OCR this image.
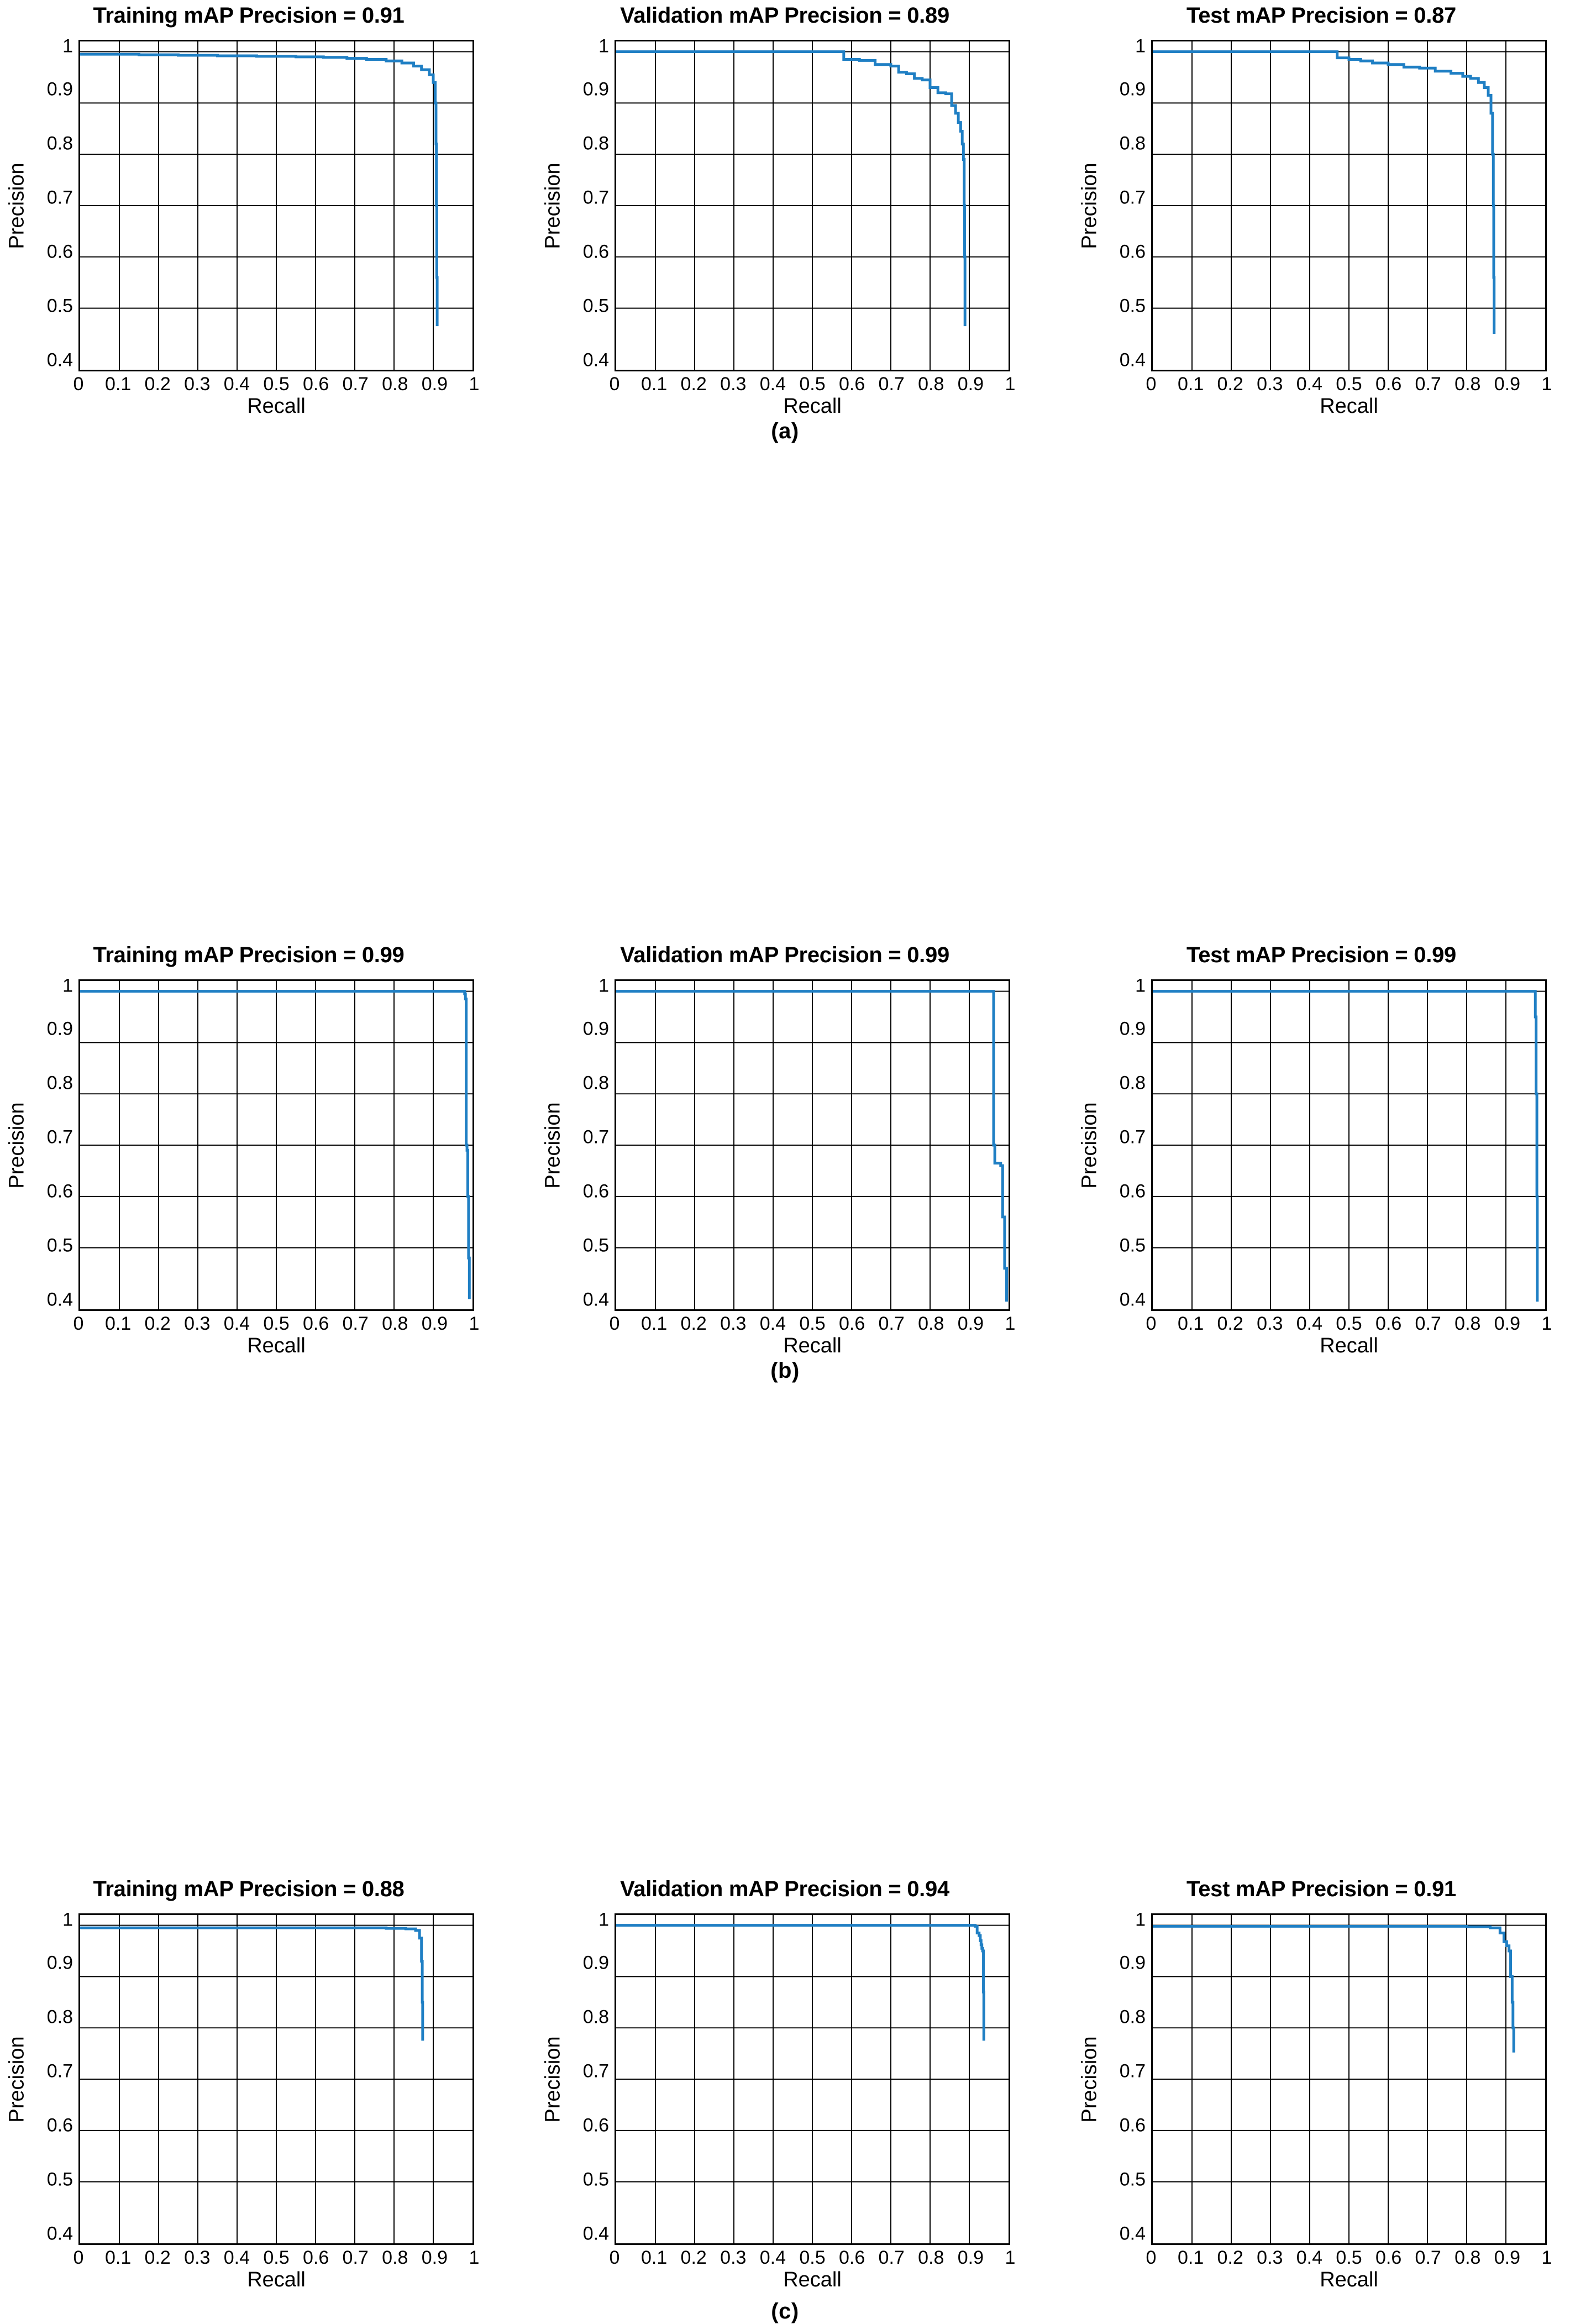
Training mAP Precision = 0.91
Precision
0.4
0.5
0.6
0.7
0.8
0.9
1
0 0.1 0.2 0.3 0.4 0.5 0.6 0.7 0.8 0.9 1
Recall
Validation mAP Precision = 0.89
Precision
0.4
0.5
0.6
0.7
0.8
0.9
1
0 0.1 0.2 0.3 0.4 0.5 0.6 0.7 0.8 0.9 1
Recall
Test mAP Precision = 0.87
Precision
0.4
0.5
0.6
0.7
0.8
0.9
1
0 0.1 0.2 0.3 0.4 0.5 0.6 0.7 0.8 0.9 1
Recall
(a)
Training mAP Precision = 0.99
Precision
0.4
0.5
0.6
0.7
0.8
0.9
1
0 0.1 0.2 0.3 0.4 0.5 0.6 0.7 0.8 0.9 1
Recall
Validation mAP Precision = 0.99
Precision
0.4
0.5
0.6
0.7
0.8
0.9
1
0 0.1 0.2 0.3 0.4 0.5 0.6 0.7 0.8 0.9 1
Recall
Test mAP Precision = 0.99
Precision
0.4
0.5
0.6
0.7
0.8
0.9
1
0 0.1 0.2 0.3 0.4 0.5 0.6 0.7 0.8 0.9 1
Recall
(b)
Training mAP Precision = 0.88
Precision
0.4
0.5
0.6
0.7
0.8
0.9
1
0 0.1 0.2 0.3 0.4 0.5 0.6 0.7 0.8 0.9 1
Recall
Validation mAP Precision = 0.94
Precision
0.4
0.5
0.6
0.7
0.8
0.9
1
0 0.1 0.2 0.3 0.4 0.5 0.6 0.7 0.8 0.9 1
Recall
Test mAP Precision = 0.91
Precision
0.4
0.5
0.6
0.7
0.8
0.9
1
0 0.1 0.2 0.3 0.4 0.5 0.6 0.7 0.8 0.9 1
Recall
(c)
